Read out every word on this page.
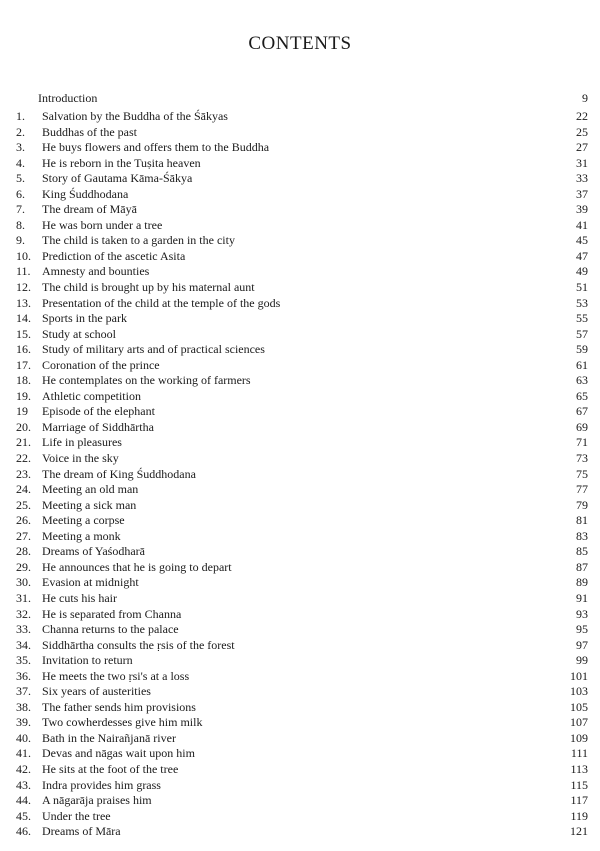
CONTENTS
Introduction	9
1.	Salvation by the Buddha of the Śākyas	22
2.	Buddhas of the past	25
3.	He buys flowers and offers them to the Buddha	27
4.	He is reborn in the Tuṣita heaven	31
5.	Story of Gautama Kāma-Śākya	33
6.	King Śuddhodana	37
7.	The dream of Māyā	39
8.	He was born under a tree	41
9.	The child is taken to a garden in the city	45
10. Prediction of the ascetic Asita	47
11. Amnesty and bounties	49
12. The child is brought up by his maternal aunt	51
13. Presentation of the child at the temple of the gods	53
14. Sports in the park	55
15. Study at school	57
16. Study of military arts and of practical sciences	59
17. Coronation of the prince	61
18. He contemplates on the working of farmers	63
19. Athletic competition	65
19	Episode of the elephant	67
20. Marriage of Siddhārtha	69
21. Life in pleasures	71
22. Voice in the sky	73
23. The dream of King Śuddhodana	75
24. Meeting an old man	77
25. Meeting a sick man	79
26. Meeting a corpse	81
27. Meeting a monk	83
28. Dreams of Yaśodharā	85
29. He announces that he is going to depart	87
30. Evasion at midnight	89
31. He cuts his hair	91
32. He is separated from Channa	93
33. Channa returns to the palace	95
34. Siddhārtha consults the ṛsis of the forest	97
35. Invitation to return	99
36. He meets the two ṛsi's at a loss	101
37. Six years of austerities	103
38. The father sends him provisions	105
39. Two cowherdesses give him milk	107
40. Bath in the Nairañjanā river	109
41. Devas and nāgas wait upon him	111
42. He sits at the foot of the tree	113
43. Indra provides him grass	115
44. A nāgarāja praises him	117
45. Under the tree	119
46. Dreams of Māra	121
